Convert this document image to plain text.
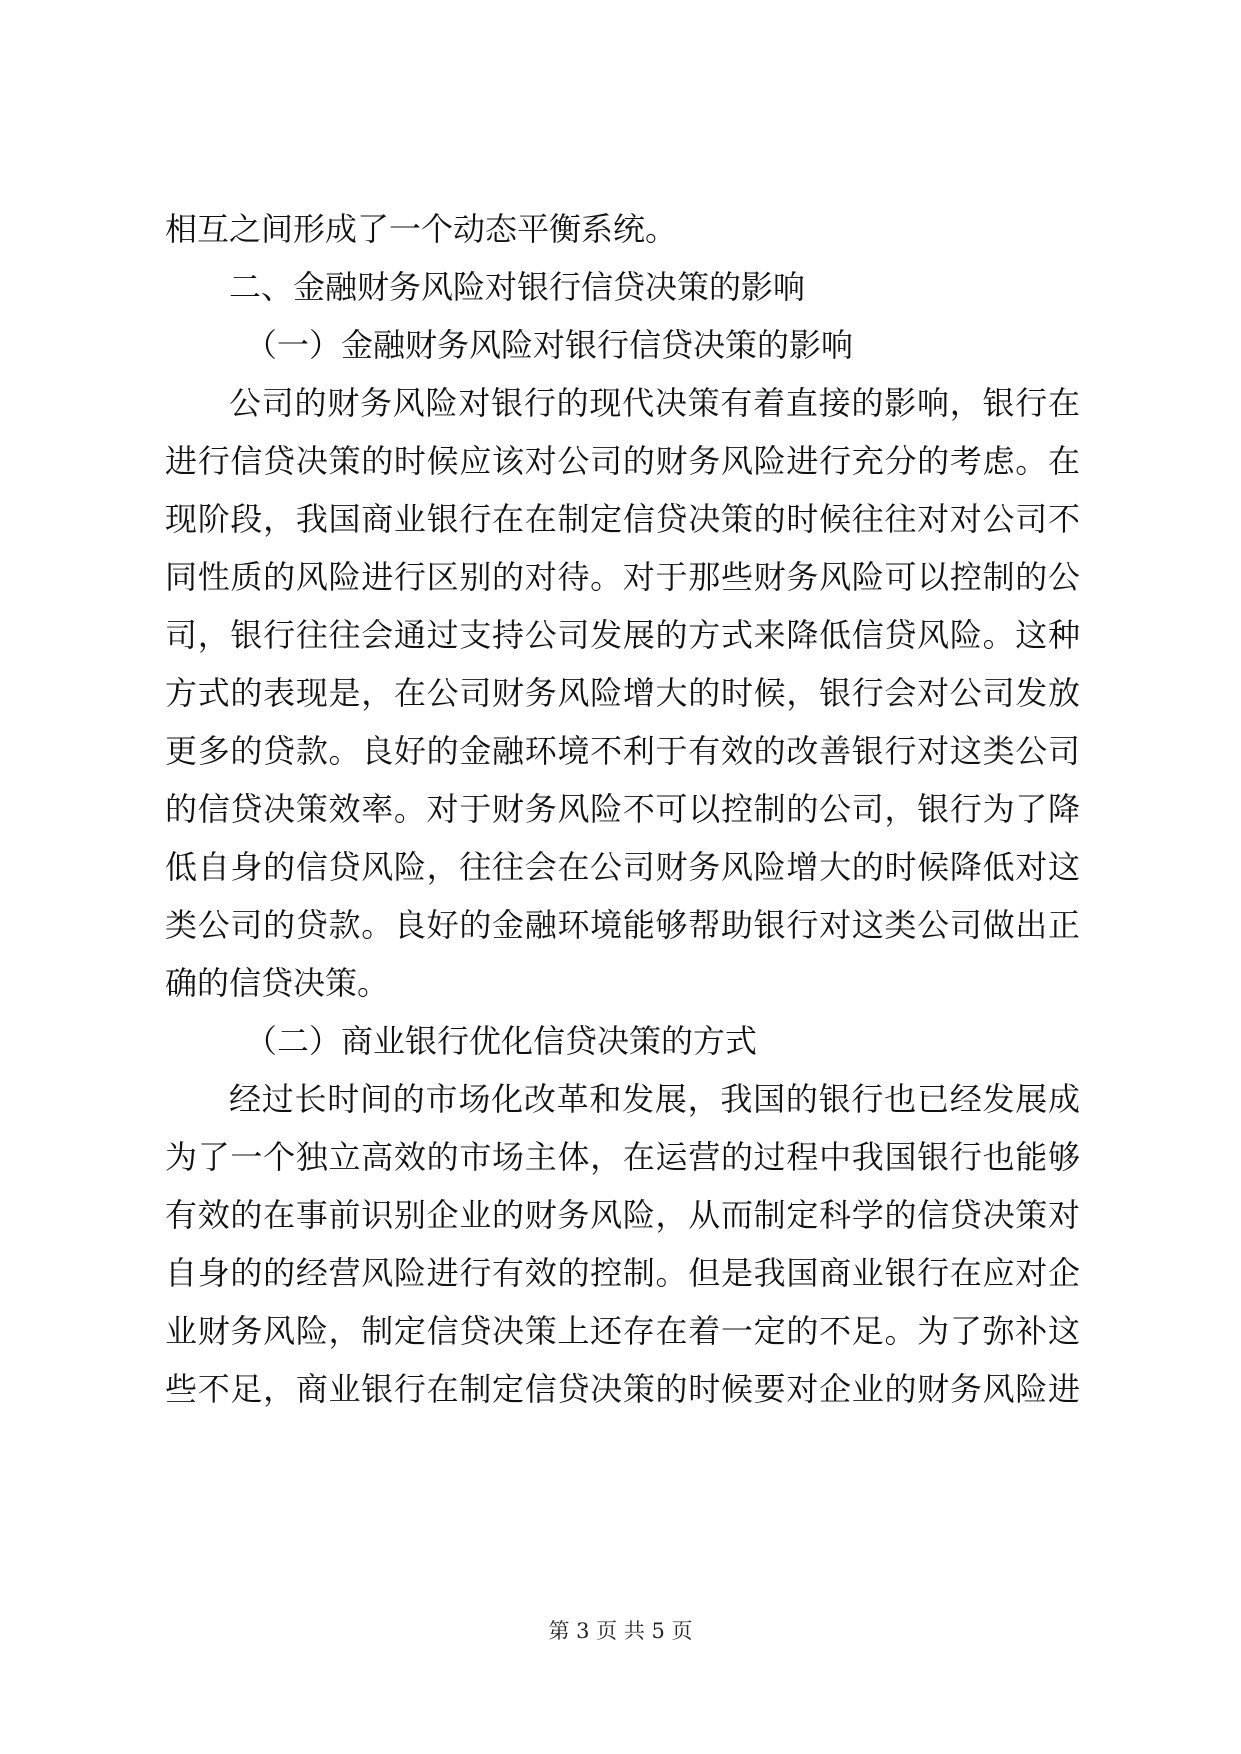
相互之间形成了一个动态平衡系统。
二、金融财务风险对银行信贷决策的影响
（一）金融财务风险对银行信贷决策的影响
公司的财务风险对银行的现代决策有着直接的影响，银行在
进行信贷决策的时候应该对公司的财务风险进行充分的考虑。在
现阶段，我国商业银行在在制定信贷决策的时候往往对对公司不
同性质的风险进行区别的对待。对于那些财务风险可以控制的公
司，银行往往会通过支持公司发展的方式来降低信贷风险。这种
方式的表现是，在公司财务风险增大的时候，银行会对公司发放
更多的贷款。良好的金融环境不利于有效的改善银行对这类公司
的信贷决策效率。对于财务风险不可以控制的公司，银行为了降
低自身的信贷风险，往往会在公司财务风险增大的时候降低对这
类公司的贷款。良好的金融环境能够帮助银行对这类公司做出正
确的信贷决策。
（二）商业银行优化信贷决策的方式
经过长时间的市场化改革和发展，我国的银行也已经发展成
为了一个独立高效的市场主体，在运营的过程中我国银行也能够
有效的在事前识别企业的财务风险，从而制定科学的信贷决策对
自身的的经营风险进行有效的控制。但是我国商业银行在应对企
业财务风险，制定信贷决策上还存在着一定的不足。为了弥补这
些不足，商业银行在制定信贷决策的时候要对企业的财务风险进
第 3 页 共 5 页
